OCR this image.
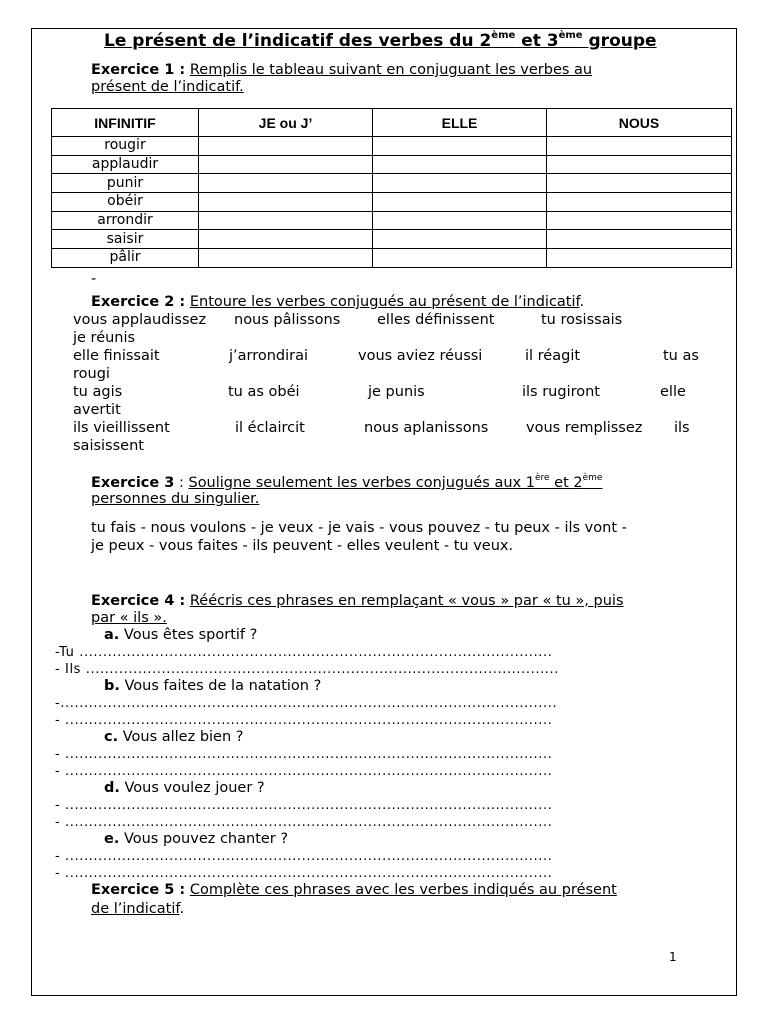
Le présent de l’indicatif des verbes du 2ème et 3ème groupe
Exercice 1 : Remplis le tableau suivant en conjuguant les verbes au
présent de l’indicatif.
INFINITIF	JE ou J’	ELLE	NOUS
rougir			
applaudir			
punir			
obéir			
arrondir			
saisir			
pâlir			
-
Exercice 2 : Entoure les verbes conjugués au présent de l’indicatif.
vous applaudissez nous pâlissons	elles définissent	tu rosissais
je réunis
elle finissait	j’arrondirai	vous aviez réussi	il réagit	tu as
rougi
tu agis	tu as obéi	je punis	ils rugiront	elle
avertit
ils vieillissent	il éclaircit	nous aplanissons	vous remplissez ils
saisissent
Exercice 3 : Souligne seulement les verbes conjugués aux 1ère et 2ème
personnes du singulier.
tu fais - nous voulons - je veux - je vais - vous pouvez - tu peux - ils vont -
je peux - vous faites - ils peuvent - elles veulent - tu veux.
Exercice 4 : Réécris ces phrases en remplaçant « vous » par « tu », puis
par « ils ».
a. Vous êtes sportif ?
-Tu ....................................................................................................
- Ils ....................................................................................................
b. Vous faites de la natation ?
-.........................................................................................................
- .......................................................................................................
c. Vous allez bien ?
- .......................................................................................................
- .......................................................................................................
d. Vous voulez jouer ?
- .......................................................................................................
- .......................................................................................................
e. Vous pouvez chanter ?
- .......................................................................................................
- .......................................................................................................
Exercice 5 : Complète ces phrases avec les verbes indiqués au présent
de l’indicatif.
1
